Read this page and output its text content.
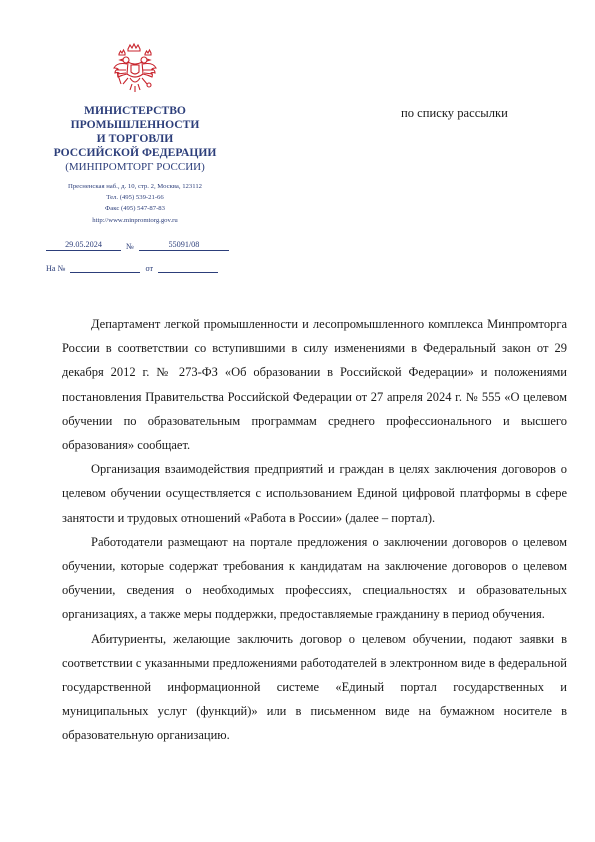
МИНИСТЕРСТВО
ПРОМЫШЛЕННОСТИ
И ТОРГОВЛИ
РОССИЙСКОЙ ФЕДЕРАЦИИ
(МИНПРОМТОРГ РОССИИ)
Пресненская наб., д. 10, стр. 2, Москва, 123112
Тел. (495) 539-21-66
Факс (495) 547-87-83
http://www.minpromtorg.gov.ru
29.05.2024	№	55091/08
На №	от
по списку рассылки

Департамент легкой промышленности и лесопромышленного комплекса Минпромторга России в соответствии со вступившими в силу изменениями в Федеральный закон от 29 декабря 2012 г. № 273-ФЗ «Об образовании в Российской Федерации» и положениями постановления Правительства Российской Федерации от 27 апреля 2024 г. № 555 «О целевом обучении по образовательным программам среднего профессионального и высшего образования» сообщает.

Организация взаимодействия предприятий и граждан в целях заключения договоров о целевом обучении осуществляется с использованием Единой цифровой платформы в сфере занятости и трудовых отношений «Работа в России» (далее – портал).

Работодатели размещают на портале предложения о заключении договоров о целевом обучении, которые содержат требования к кандидатам на заключение договоров о целевом обучении, сведения о необходимых профессиях, специальностях и образовательных организациях, а также меры поддержки, предоставляемые гражданину в период обучения.

Абитуриенты, желающие заключить договор о целевом обучении, подают заявки в соответствии с указанными предложениями работодателей в электронном виде в федеральной государственной информационной системе «Единый портал государственных и муниципальных услуг (функций)» или в письменном виде на бумажном носителе в образовательную организацию.
